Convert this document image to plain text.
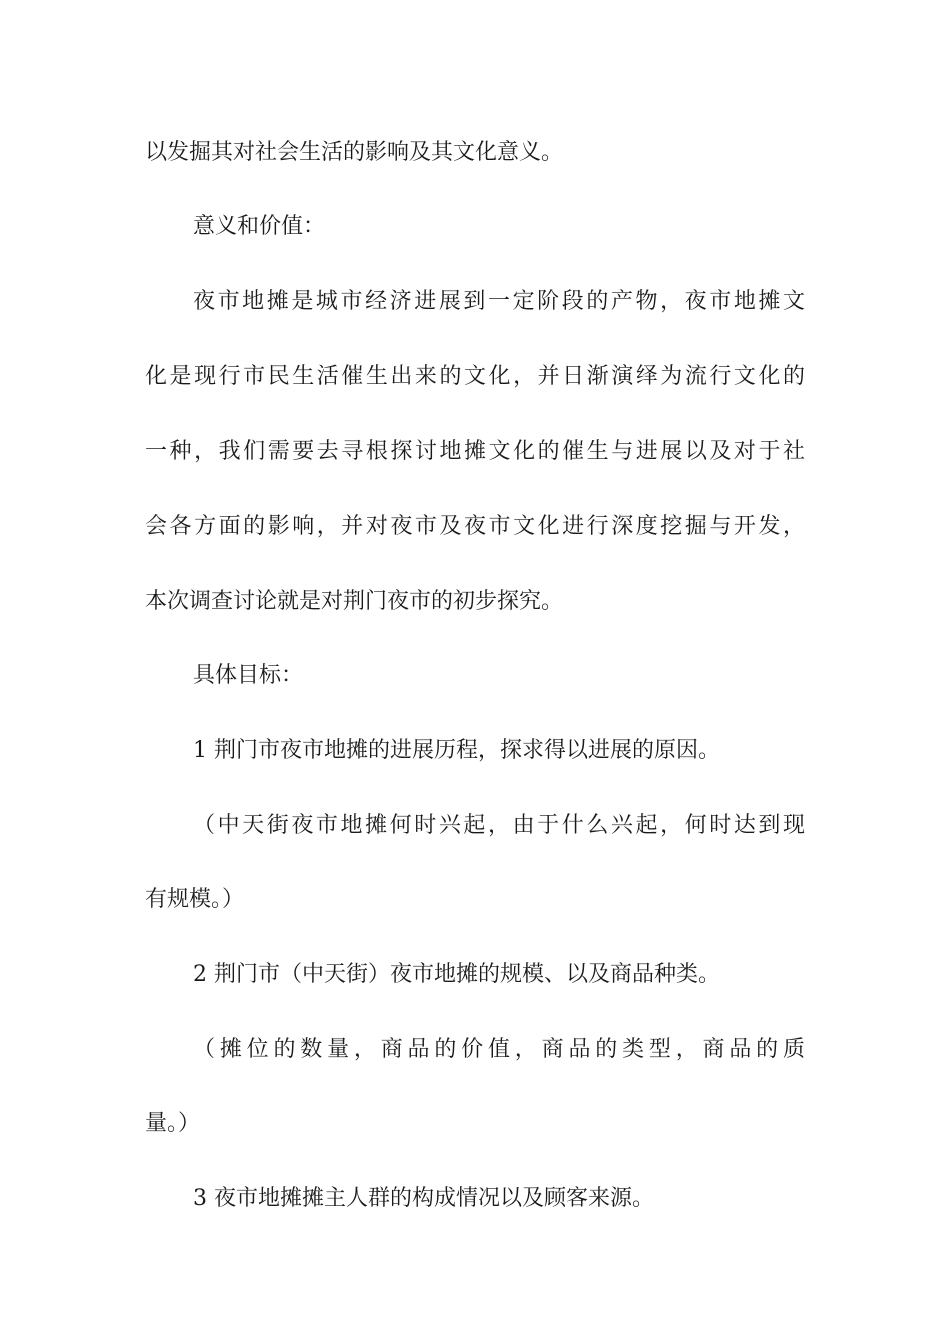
以发掘其对社会生活的影响及其文化意义。
意义和价值：
夜市地摊是城市经济进展到一定阶段的产物，夜市地摊文
化是现行市民生活催生出来的文化，并日渐演绎为流行文化的
一种，我们需要去寻根探讨地摊文化的催生与进展以及对于社
会各方面的影响，并对夜市及夜市文化进行深度挖掘与开发，
本次调查讨论就是对荆门夜市的初步探究。
具体目标：
1 荆门市夜市地摊的进展历程，探求得以进展的原因。
（中天街夜市地摊何时兴起，由于什么兴起，何时达到现
有规模。）
2 荆门市（中天街）夜市地摊的规模、以及商品种类。
（摊位的数量，商品的价值，商品的类型，商品的质
量。）
3 夜市地摊摊主人群的构成情况以及顾客来源。
